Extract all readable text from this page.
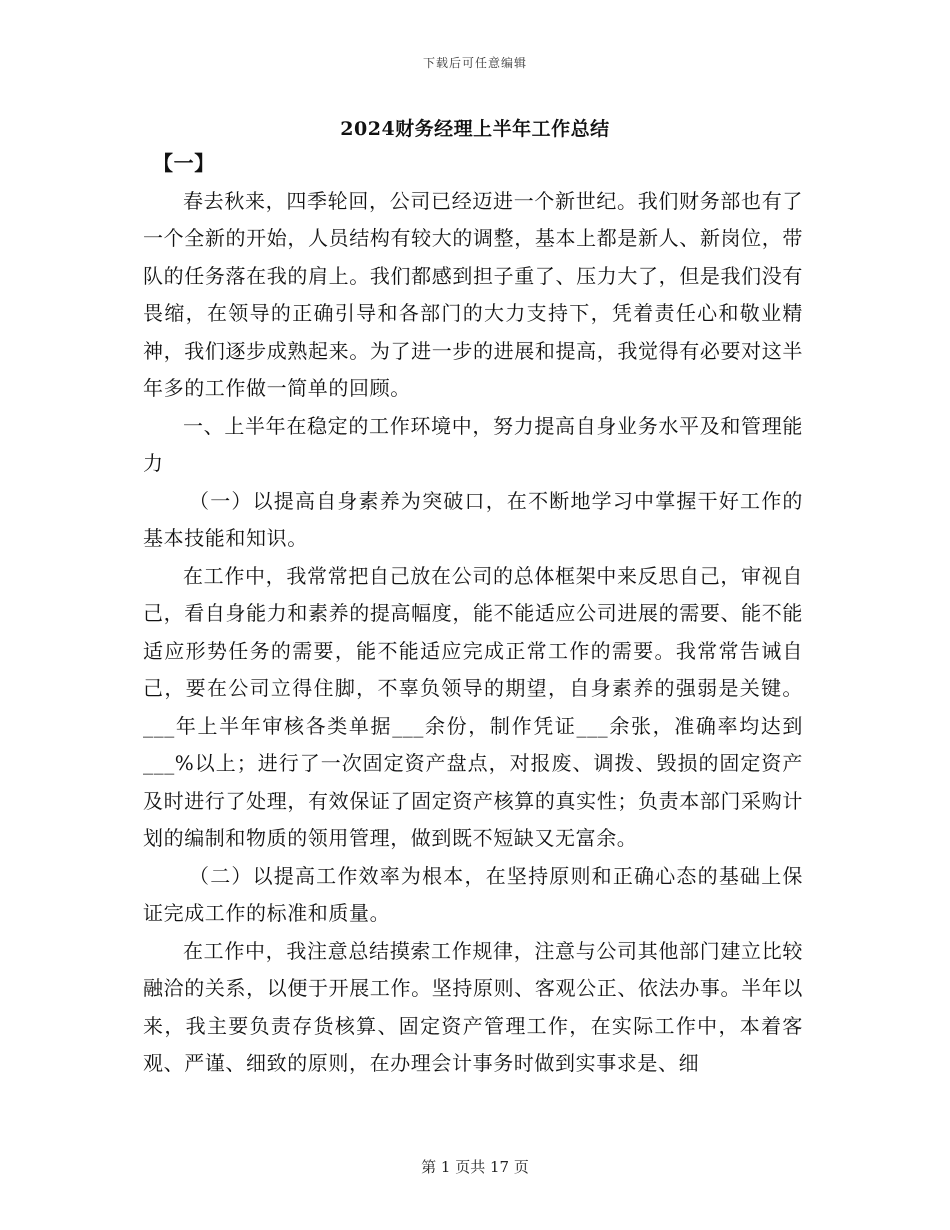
下载后可任意编辑
2024财务经理上半年工作总结

【一】

春去秋来，四季轮回，公司已经迈进一个新世纪。我们财务部也有了一个全新的开始，人员结构有较大的调整，基本上都是新人、新岗位，带队的任务落在我的肩上。我们都感到担子重了、压力大了，但是我们没有畏缩，在领导的正确引导和各部门的大力支持下，凭着责任心和敬业精神，我们逐步成熟起来。为了进一步的进展和提高，我觉得有必要对这半年多的工作做一简单的回顾。

一、上半年在稳定的工作环境中，努力提高自身业务水平及和管理能力

（一）以提高自身素养为突破口，在不断地学习中掌握干好工作的基本技能和知识。

在工作中，我常常把自己放在公司的总体框架中来反思自己，审视自己，看自身能力和素养的提高幅度，能不能适应公司进展的需要、能不能适应形势任务的需要，能不能适应完成正常工作的需要。我常常告诫自己，要在公司立得住脚，不辜负领导的期望，自身素养的强弱是关键。___年上半年审核各类单据___余份，制作凭证___余张，准确率均达到___%以上；进行了一次固定资产盘点，对报废、调拨、毁损的固定资产及时进行了处理，有效保证了固定资产核算的真实性；负责本部门采购计划的编制和物质的领用管理，做到既不短缺又无富余。

（二）以提高工作效率为根本，在坚持原则和正确心态的基础上保证完成工作的标准和质量。

在工作中，我注意总结摸索工作规律，注意与公司其他部门建立比较融洽的关系，以便于开展工作。坚持原则、客观公正、依法办事。半年以来，我主要负责存货核算、固定资产管理工作，在实际工作中，本着客观、严谨、细致的原则，在办理会计事务时做到实事求是、细

第 1 页共 17 页
